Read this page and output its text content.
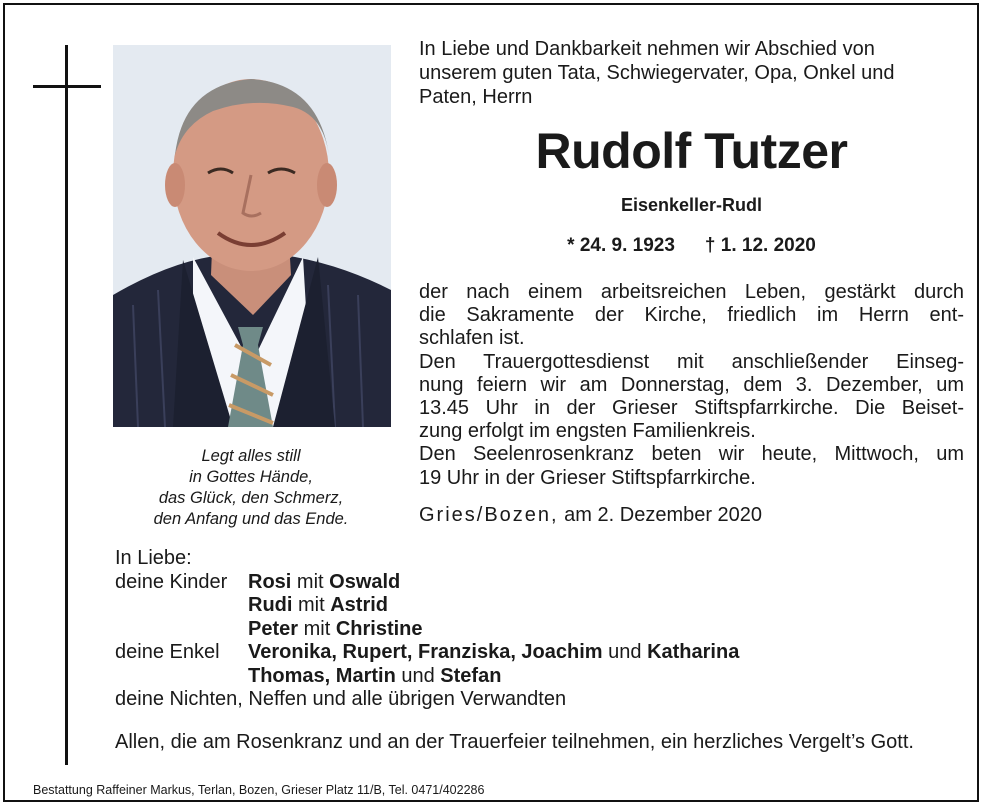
Legt alles still
in Gottes Hände,
das Glück, den Schmerz,
den Anfang und das Ende.
In Liebe und Dankbarkeit nehmen wir Abschied von
unserem guten Tata, Schwiegervater, Opa, Onkel und
Paten, Herrn
Rudolf Tutzer
Eisenkeller-Rudl
* 24. 9. 1923 † 1. 12. 2020
der nach einem arbeitsreichen Leben, gestärkt durch
die Sakramente der Kirche, friedlich im Herrn ent-
schlafen ist.
Den Trauergottesdienst mit anschließender Einseg-
nung feiern wir am Donnerstag, dem 3. Dezember, um
13.45 Uhr in der Grieser Stiftspfarrkirche. Die Beiset-
zung erfolgt im engsten Familienkreis.
Den Seelenrosenkranz beten wir heute, Mittwoch, um
19 Uhr in der Grieser Stiftspfarrkirche.
Gries/Bozen, am 2. Dezember 2020
In Liebe:
deine Kinder	Rosi mit Oswald
Rudi mit Astrid
Peter mit Christine
deine Enkel	Veronika, Rupert, Franziska, Joachim und Katharina
Thomas, Martin und Stefan
deine Nichten, Neffen und alle übrigen Verwandten
Allen, die am Rosenkranz und an der Trauerfeier teilnehmen, ein herzliches Vergelt’s Gott.
Bestattung Raffeiner Markus, Terlan, Bozen, Grieser Platz 11/B, Tel. 0471/402286
